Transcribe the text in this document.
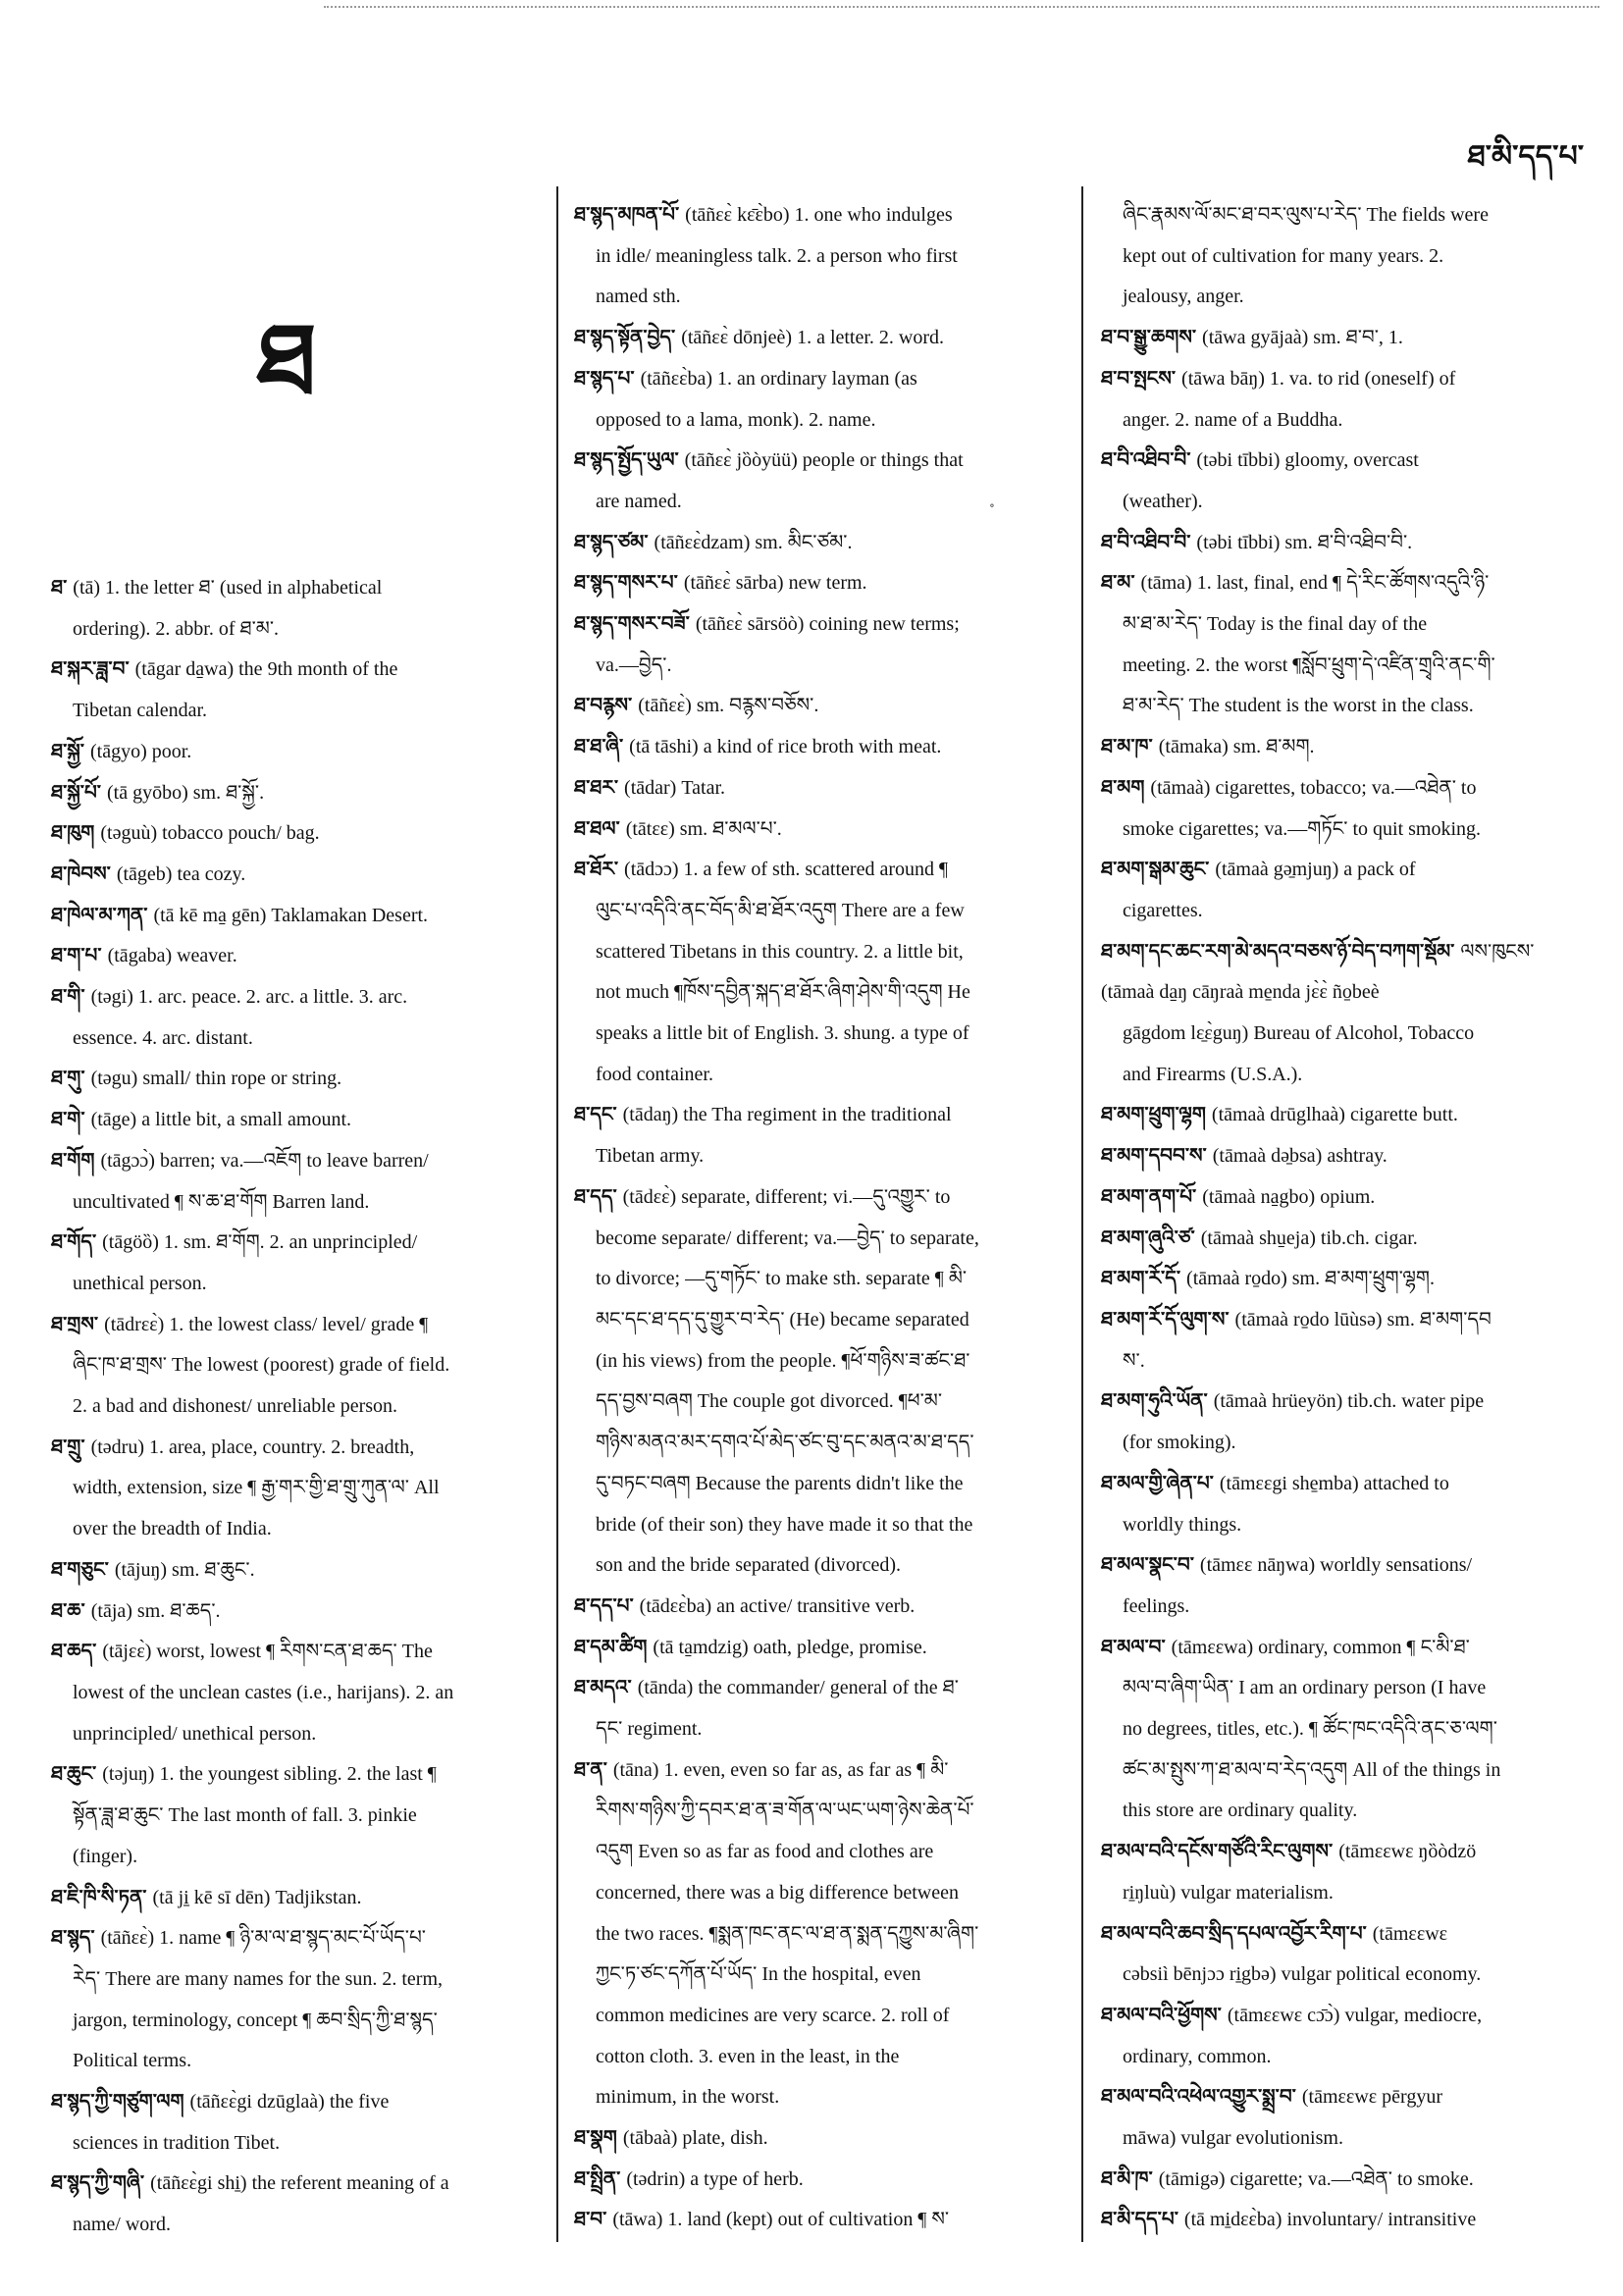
ཐ་མི་དད་པ་
ཐ
∘
ཐ་ (tā) 1. the letter ཐ་ (used in alphabetical
ordering). 2. abbr. of ཐ་མ་.
ཐ་སྐར་ཟླ་བ་ (tāgar da̱wa) the 9th month of the
Tibetan calendar.
ཐ་སྐྱོ་ (tāgyo) poor.
ཐ་སྐྱོ་པོ་ (tā gyōbo) sm. ཐ་སྐྱོ་.
ཐ་ཁུག (təguù) tobacco pouch/ bag.
ཐ་ཁེབས་ (tāgeb) tea cozy.
ཐ་ཁེལ་མ་ཀན་ (tā kē ma̱ gēn) Taklamakan Desert.
ཐ་ག་པ་ (tāgaba) weaver.
ཐ་གི་ (təgi) 1. arc. peace. 2. arc. a little. 3. arc.
essence. 4. arc. distant.
ཐ་གུ་ (təgu) small/ thin rope or string.
ཐ་གེ་ (tāge) a little bit, a small amount.
ཐ་གོག (tāgɔɔ̀) barren; va.—འཇོག to leave barren/
uncultivated ¶ ས་ཆ་ཐ་གོག Barren land.
ཐ་གོད་ (tāgöȍ) 1. sm. ཐ་གོག. 2. an unprincipled/
unethical person.
ཐ་གྲས་ (tādrɛɛ̀) 1. the lowest class/ level/ grade ¶
ཞིང་ཁ་ཐ་གྲས་ The lowest (poorest) grade of field.
2. a bad and dishonest/ unreliable person.
ཐ་གྲུ་ (tədru) 1. area, place, country. 2. breadth,
width, extension, size ¶ རྒྱ་གར་གྱི་ཐ་གྲུ་ཀུན་ལ་ All
over the breadth of India.
ཐ་གཅུང་ (tājuŋ) sm. ཐ་ཆུང་.
ཐ་ཆ་ (tāja) sm. ཐ་ཆད་.
ཐ་ཆད་ (tājɛɛ̀) worst, lowest ¶ རིགས་ངན་ཐ་ཆད་ The
lowest of the unclean castes (i.e., harijans). 2. an
unprincipled/ unethical person.
ཐ་ཆུང་ (təjuŋ) 1. the youngest sibling. 2. the last ¶
སྟོན་ཟླ་ཐ་ཆུང་ The last month of fall. 3. pinkie
(finger).
ཐ་ཇི་ཁི་སི་ཏན་ (tā ji̱ kē sī dēn) Tadjikstan.
ཐ་སྙད་ (tāñɛɛ̀) 1. name ¶ ཉི་མ་ལ་ཐ་སྙད་མང་པོ་ཡོད་པ་
རེད་ There are many names for the sun. 2. term,
jargon, terminology, concept ¶ ཆབ་སྲིད་ཀྱི་ཐ་སྙད་
Political terms.
ཐ་སྙད་ཀྱི་གཙུག་ལག (tāñɛɛ̀gi dzūglaà) the five
sciences in tradition Tibet.
ཐ་སྙད་ཀྱི་གཞི་ (tāñɛɛ̀gi shi̱) the referent meaning of a
name/ word.
ཐ་སྙད་མཁན་པོ་ (tāñɛɛ̀ kɛ̄ɛ̀bo) 1. one who indulges
in idle/ meaningless talk. 2. a person who first
named sth.
ཐ་སྙད་སྟོན་བྱེད་ (tāñɛɛ̀ dōnjeè) 1. a letter. 2. word.
ཐ་སྙད་པ་ (tāñɛɛ̀ba) 1. an ordinary layman (as
opposed to a lama, monk). 2. name.
ཐ་སྙད་སྤྱོད་ཡུལ་ (tāñɛɛ̀ jȍòyüü) people or things that
are named.
ཐ་སྙད་ཙམ་ (tāñɛɛ̀dzam) sm. མིང་ཙམ་.
ཐ་སྙད་གསར་པ་ (tāñɛɛ̀ sārba) new term.
ཐ་སྙད་གསར་བཟོ་ (tāñɛɛ̀ sārsöò) coining new terms;
va.—བྱེད་.
ཐ་བརྙས་ (tāñɛɛ̀) sm. བརྙས་བཅོས་.
ཐ་ཐ་ཞི་ (tā tāshi) a kind of rice broth with meat.
ཐ་ཐར་ (tādar) Tatar.
ཐ་ཐལ་ (tātɛɛ) sm. ཐ་མལ་པ་.
ཐ་ཐོར་ (tādɔɔ) 1. a few of sth. scattered around ¶
ལུང་པ་འདིའི་ནང་བོད་མི་ཐ་ཐོར་འདུག There are a few
scattered Tibetans in this country. 2. a little bit,
not much ¶ཁོས་དབྱིན་སྐད་ཐ་ཐོར་ཞིག་ཤེས་གི་འདུག He
speaks a little bit of English. 3. shung. a type of
food container.
ཐ་དང་ (tādaŋ) the Tha regiment in the traditional
Tibetan army.
ཐ་དད་ (tādɛɛ̀) separate, different; vi.—དུ་འགྱུར་ to
become separate/ different; va.—བྱེད་ to separate,
to divorce; —དུ་གཏོང་ to make sth. separate ¶ མི་
མང་དང་ཐ་དད་དུ་གྱུར་བ་རེད་ (He) became separated
(in his views) from the people. ¶ཕོ་གཉིས་ཟ་ཚང་ཐ་
དད་བྱས་བཞག The couple got divorced. ¶ཕ་མ་
གཉིས་མནའ་མར་དགའ་པོ་མེད་ཙང་བུ་དང་མནའ་མ་ཐ་དད་
དུ་བཏང་བཞག Because the parents didn't like the
bride (of their son) they have made it so that the
son and the bride separated (divorced).
ཐ་དད་པ་ (tādɛɛ̀ba) an active/ transitive verb.
ཐ་དམ་ཚིག (tā ta̱mdzig) oath, pledge, promise.
ཐ་མདའ་ (tānda) the commander/ general of the ཐ་
དང་ regiment.
ཐ་ན་ (tāna) 1. even, even so far as, as far as ¶ མི་
རིགས་གཉིས་ཀྱི་དབར་ཐ་ན་ཟ་གོན་ལ་ཡང་ཡག་ཉེས་ཆེན་པོ་
འདུག Even so as far as food and clothes are
concerned, there was a big difference between
the two races. ¶སྨན་ཁང་ནང་ལ་ཐ་ན་སྨན་དཀྱུས་མ་ཞིག་
ཀྱང་ཏ་ཙང་དཀོན་པོ་ཡོད་ In the hospital, even
common medicines are very scarce. 2. roll of
cotton cloth. 3. even in the least, in the
minimum, in the worst.
ཐ་སྣག (tābaà) plate, dish.
ཐ་སྤྲིན་ (tədrin) a type of herb.
ཐ་བ་ (tāwa) 1. land (kept) out of cultivation ¶ ས་
ཞིང་རྣམས་ལོ་མང་ཐ་བར་ལུས་པ་རེད་ The fields were
kept out of cultivation for many years. 2.
jealousy, anger.
ཐ་བ་སྒྱུ་ཆགས་ (tāwa gyājaà) sm. ཐ་བ་, 1.
ཐ་བ་སྤངས་ (tāwa bāŋ) 1. va. to rid (oneself) of
anger. 2. name of a Buddha.
ཐ་བི་འཐིབ་བི་ (təbi tībbi) gloomy, overcast
(weather).
ཐ་བི་འཐིབ་བི་ (təbi tībbi) sm. ཐ་བི་འཐིབ་བི་.
ཐ་མ་ (tāma) 1. last, final, end ¶ དེ་རིང་ཚོགས་འདུའི་ཉི་
མ་ཐ་མ་རེད་ Today is the final day of the
meeting. 2. the worst ¶སློབ་ཕྲུག་དེ་འཛིན་གྲྭའི་ནང་གི་
ཐ་མ་རེད་ The student is the worst in the class.
ཐ་མ་ཁ་ (tāmaka) sm. ཐ་མག.
ཐ་མག (tāmaà) cigarettes, tobacco; va.—འཐེན་ to
smoke cigarettes; va.—གཏོང་ to quit smoking.
ཐ་མག་སྒམ་ཆུང་ (tāmaà gə̱mjuŋ) a pack of
cigarettes.
ཐ་མག་དང་ཆང་རག་མེ་མདའ་བཅས་ཉོ་བེད་བཀག་སྡོམ་ ལས་ཁུངས་ (tāmaà da̱ŋ cāŋraà me̱nda jɛ̀ɛ̀ ño̱beè
gāgdom lɛ̱ɛ̀guŋ) Bureau of Alcohol, Tobacco
and Firearms (U.S.A.).
ཐ་མག་ཕྲུག་ལྷག (tāmaà drūglhaà) cigarette butt.
ཐ་མག་དབབ་ས་ (tāmaà də̱bsa) ashtray.
ཐ་མག་ནག་པོ་ (tāmaà na̱gbo) opium.
ཐ་མག་ཞུའི་ཙ་ (tāmaà shu̱eja) tib.ch. cigar.
ཐ་མག་རོ་དོ་ (tāmaà ro̱do) sm. ཐ་མག་ཕྲུག་ལྷག.
ཐ་མག་རོ་དོ་ལུག་ས་ (tāmaà ro̱do lūùsə) sm. ཐ་མག་དབ
ས་.
ཐ་མག་ཧུའི་ཡོན་ (tāmaà hrüeyön) tib.ch. water pipe
(for smoking).
ཐ་མལ་གྱི་ཞེན་པ་ (tāmɛɛgi she̱mba) attached to
worldly things.
ཐ་མལ་སྣང་བ་ (tāmɛɛ nāŋwa) worldly sensations/
feelings.
ཐ་མལ་བ་ (tāmɛɛwa) ordinary, common ¶ ང་མི་ཐ་
མལ་བ་ཞིག་ཡིན་ I am an ordinary person (I have
no degrees, titles, etc.). ¶ ཚོང་ཁང་འདིའི་ནང་ཅ་ལག་
ཚང་མ་སྤུས་ཀ་ཐ་མལ་བ་རེད་འདུག All of the things in
this store are ordinary quality.
ཐ་མལ་བའི་དངོས་གཙོའི་རིང་ལུགས་ (tāmɛɛwɛ ŋȍòdzö
ri̱ŋluù) vulgar materialism.
ཐ་མལ་བའི་ཆབ་སྲིད་དཔལ་འབྱོར་རིག་པ་ (tāmɛɛwɛ
cəbsiì bēnjɔɔ ri̱gbə) vulgar political economy.
ཐ་མལ་བའི་ཕྱོགས་ (tāmɛɛwɛ cɔ̄ɔ̀) vulgar, mediocre,
ordinary, common.
ཐ་མལ་བའི་འཕེལ་འགྱུར་སྨྲ་བ་ (tāmɛɛwɛ pērgyur
māwa) vulgar evolutionism.
ཐ་མི་ཁ་ (tāmigə) cigarette; va.—འཐེན་ to smoke.
ཐ་མི་དད་པ་ (tā mi̱dɛɛ̀ba) involuntary/ intransitive
